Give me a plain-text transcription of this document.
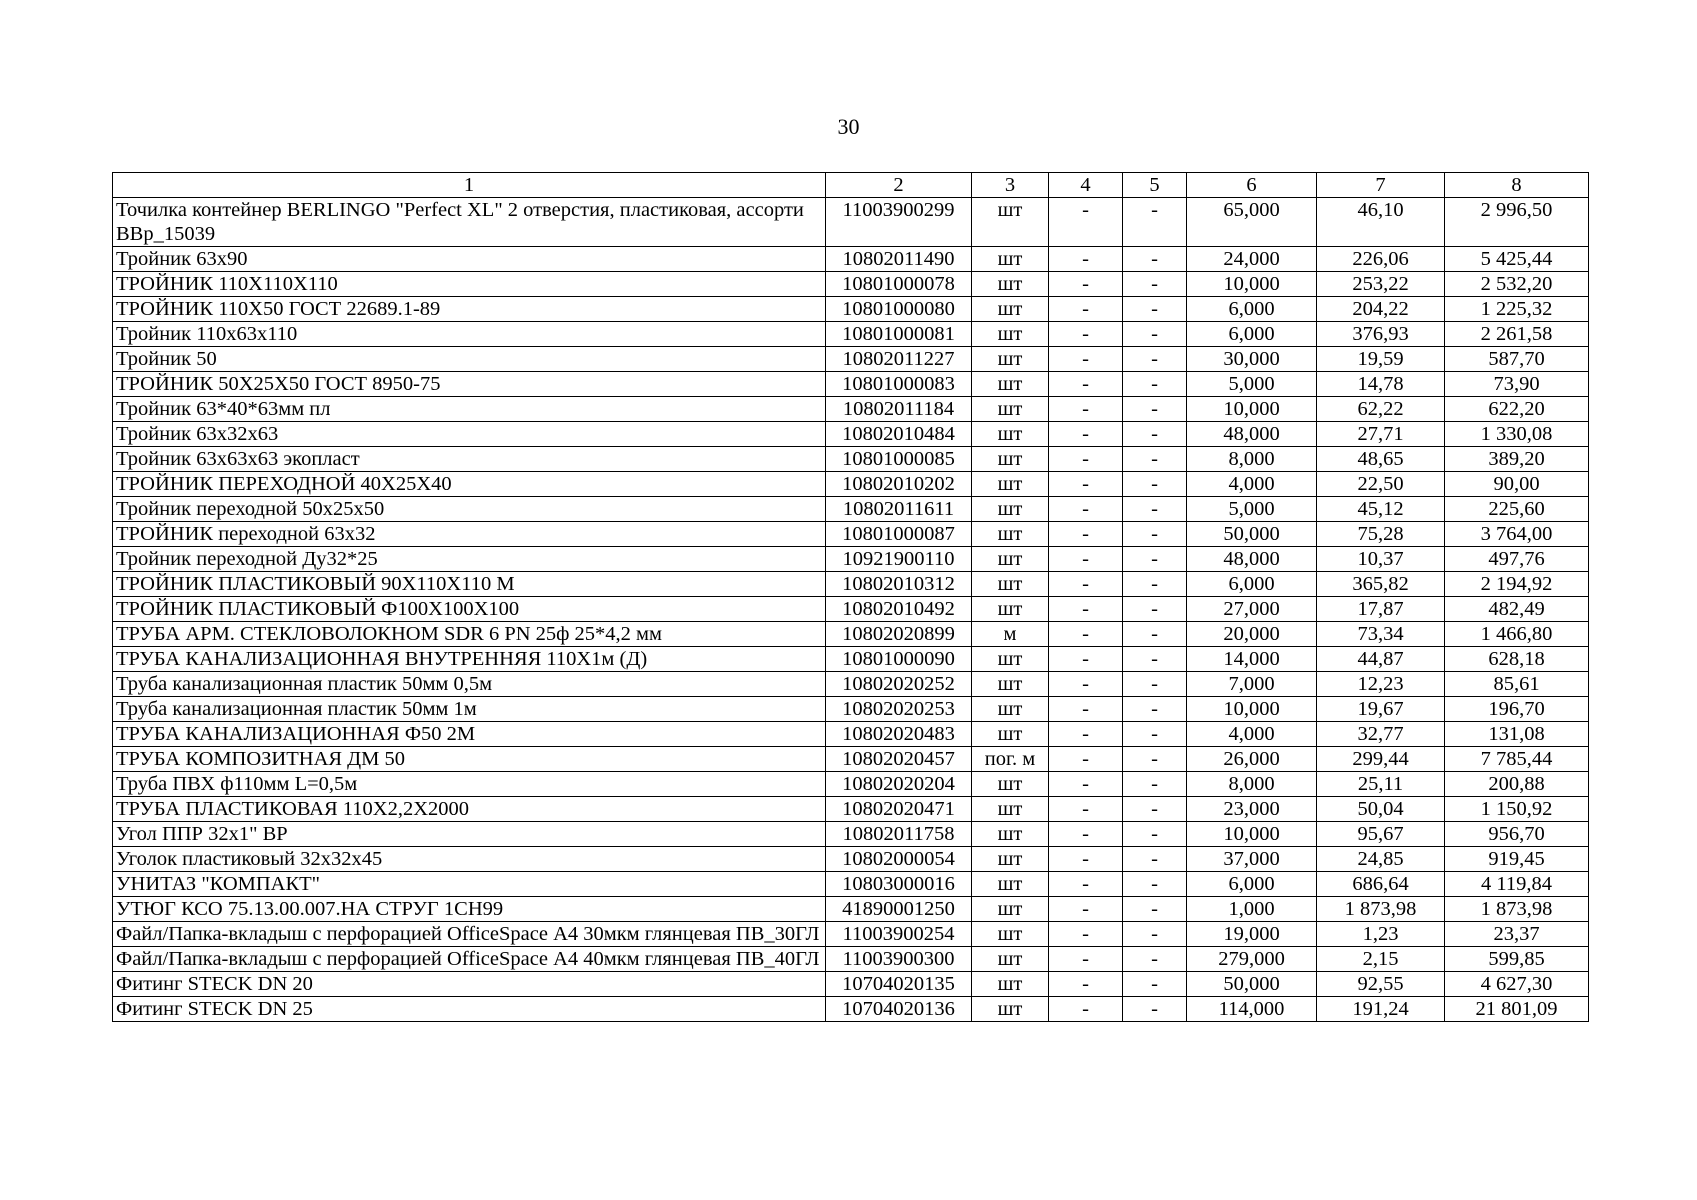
30
1	2	3	4	5	6	7	8
Точилка контейнер BERLINGO "Perfect XL" 2 отверстия, пластиковая, ассорти BBp_15039	11003900299	шт	-	-	65,000	46,10	2 996,50
Тройник 63х90	10802011490	шт	-	-	24,000	226,06	5 425,44
ТРОЙНИК 110Х110Х110	10801000078	шт	-	-	10,000	253,22	2 532,20
ТРОЙНИК 110Х50 ГОСТ 22689.1-89	10801000080	шт	-	-	6,000	204,22	1 225,32
Тройник 110х63х110	10801000081	шт	-	-	6,000	376,93	2 261,58
Тройник 50	10802011227	шт	-	-	30,000	19,59	587,70
ТРОЙНИК 50Х25Х50 ГОСТ 8950-75	10801000083	шт	-	-	5,000	14,78	73,90
Тройник 63*40*63мм пл	10802011184	шт	-	-	10,000	62,22	622,20
Тройник 63х32х63	10802010484	шт	-	-	48,000	27,71	1 330,08
Тройник 63х63х63 экопласт	10801000085	шт	-	-	8,000	48,65	389,20
ТРОЙНИК ПЕРЕХОДНОЙ 40Х25Х40	10802010202	шт	-	-	4,000	22,50	90,00
Тройник переходной 50х25х50	10802011611	шт	-	-	5,000	45,12	225,60
ТРОЙНИК переходной 63х32	10801000087	шт	-	-	50,000	75,28	3 764,00
Тройник переходной Ду32*25	10921900110	шт	-	-	48,000	10,37	497,76
ТРОЙНИК ПЛАСТИКОВЫЙ 90Х110Х110 М	10802010312	шт	-	-	6,000	365,82	2 194,92
ТРОЙНИК ПЛАСТИКОВЫЙ Ф100Х100Х100	10802010492	шт	-	-	27,000	17,87	482,49
ТРУБА АРМ. СТЕКЛОВОЛОКНОМ SDR 6 PN 25ф 25*4,2 мм	10802020899	м	-	-	20,000	73,34	1 466,80
ТРУБА КАНАЛИЗАЦИОННАЯ ВНУТРЕННЯЯ 110Х1м (Д)	10801000090	шт	-	-	14,000	44,87	628,18
Труба канализационная пластик 50мм 0,5м	10802020252	шт	-	-	7,000	12,23	85,61
Труба канализационная пластик 50мм 1м	10802020253	шт	-	-	10,000	19,67	196,70
ТРУБА КАНАЛИЗАЦИОННАЯ Ф50 2М	10802020483	шт	-	-	4,000	32,77	131,08
ТРУБА КОМПОЗИТНАЯ ДМ 50	10802020457	пог. м	-	-	26,000	299,44	7 785,44
Труба ПВХ ф110мм L=0,5м	10802020204	шт	-	-	8,000	25,11	200,88
ТРУБА ПЛАСТИКОВАЯ 110Х2,2Х2000	10802020471	шт	-	-	23,000	50,04	1 150,92
Угол ППР 32х1" ВР	10802011758	шт	-	-	10,000	95,67	956,70
Уголок пластиковый 32х32х45	10802000054	шт	-	-	37,000	24,85	919,45
УНИТАЗ "КОМПАКТ"	10803000016	шт	-	-	6,000	686,64	4 119,84
УТЮГ КСО 75.13.00.007.НА СТРУГ 1СН99	41890001250	шт	-	-	1,000	1 873,98	1 873,98
Файл/Папка-вкладыш с перфорацией OfficeSpace А4 30мкм глянцевая ПВ_30ГЛ	11003900254	шт	-	-	19,000	1,23	23,37
Файл/Папка-вкладыш с перфорацией OfficeSpace А4 40мкм глянцевая ПВ_40ГЛ	11003900300	шт	-	-	279,000	2,15	599,85
Фитинг STECK DN 20	10704020135	шт	-	-	50,000	92,55	4 627,30
Фитинг STECK DN 25	10704020136	шт	-	-	114,000	191,24	21 801,09
